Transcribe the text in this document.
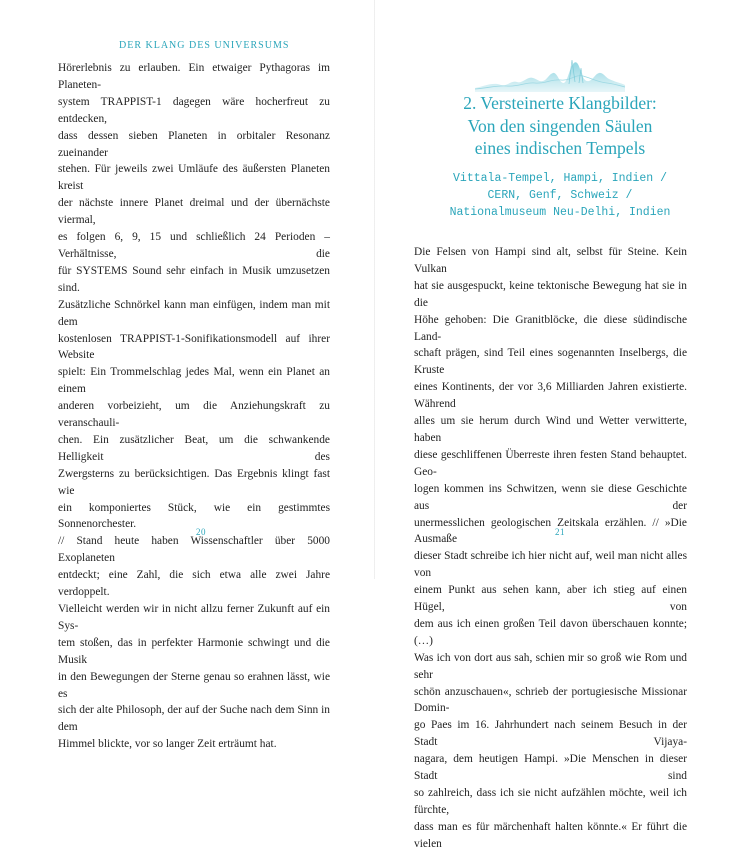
DER KLANG DES UNIVERSUMS
Hörerlebnis zu erlauben. Ein etwaiger Pythagoras im Planeten-
system TRAPPIST-1 dagegen wäre hocherfreut zu entdecken,
dass dessen sieben Planeten in orbitaler Resonanz zueinander
stehen. Für jeweils zwei Umläufe des äußersten Planeten kreist
der nächste innere Planet dreimal und der übernächste viermal,
es folgen 6, 9, 15 und schließlich 24 Perioden – Verhältnisse, die
für SYSTEMS Sound sehr einfach in Musik umzusetzen sind.
Zusätzliche Schnörkel kann man einfügen, indem man mit dem
kostenlosen TRAPPIST-1-Sonifikationsmodell auf ihrer Website
spielt: Ein Trommelschlag jedes Mal, wenn ein Planet an einem
anderen vorbeizieht, um die Anziehungskraft zu veranschauli-
chen. Ein zusätzlicher Beat, um die schwankende Helligkeit des
Zwergsterns zu berücksichtigen. Das Ergebnis klingt fast wie
ein komponiertes Stück, wie ein gestimmtes Sonnenorchester.
// Stand heute haben Wissenschaftler über 5000 Exoplaneten
entdeckt; eine Zahl, die sich etwa alle zwei Jahre verdoppelt.
Vielleicht werden wir in nicht allzu ferner Zukunft auf ein Sys-
tem stoßen, das in perfekter Harmonie schwingt und die Musik
in den Bewegungen der Sterne genau so erahnen lässt, wie es
sich der alte Philosoph, der auf der Suche nach dem Sinn in dem
Himmel blickte, vor so langer Zeit erträumt hat.
20
2. Versteinerte Klangbilder:
Von den singenden Säulen
eines indischen Tempels
Vittala-Tempel, Hampi, Indien /
CERN, Genf, Schweiz /
Nationalmuseum Neu-Delhi, Indien
Die Felsen von Hampi sind alt, selbst für Steine. Kein Vulkan
hat sie ausgespuckt, keine tektonische Bewegung hat sie in die
Höhe gehoben: Die Granitblöcke, die diese südindische Land-
schaft prägen, sind Teil eines sogenannten Inselbergs, die Kruste
eines Kontinents, der vor 3,6 Milliarden Jahren existierte. Während
alles um sie herum durch Wind und Wetter verwitterte, haben
diese geschliffenen Überreste ihren festen Stand behauptet. Geo-
logen kommen ins Schwitzen, wenn sie diese Geschichte aus der
unermesslichen geologischen Zeitskala erzählen. // »Die Ausmaße
dieser Stadt schreibe ich hier nicht auf, weil man nicht alles von
einem Punkt aus sehen kann, aber ich stieg auf einen Hügel, von
dem aus ich einen großen Teil davon überschauen konnte; (…)
Was ich von dort aus sah, schien mir so groß wie Rom und sehr
schön anzuschauen«, schrieb der portugiesische Missionar Domin-
go Paes im 16. Jahrhundert nach seinem Besuch in der Stadt Vijaya-
nagara, dem heutigen Hampi. »Die Menschen in dieser Stadt sind
so zahlreich, dass ich sie nicht aufzählen möchte, weil ich fürchte,
dass man es für märchenhaft halten könnte.« Er führt die vielen
21
